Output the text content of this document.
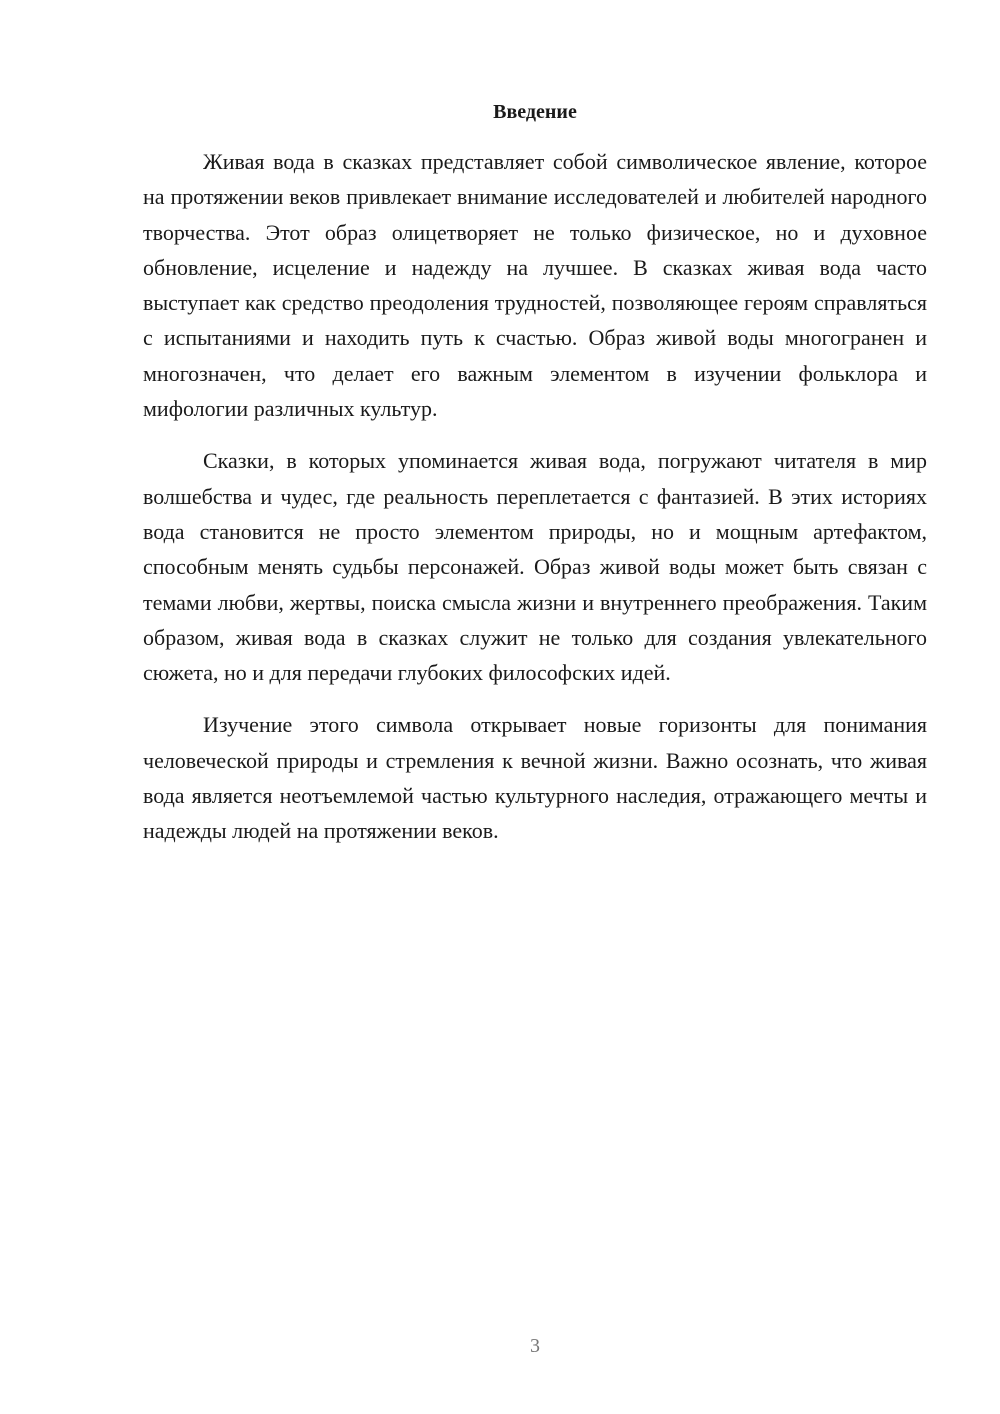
Введение

Живая вода в сказках представляет собой символическое явление, которое на протяжении веков привлекает внимание исследователей и любителей народного творчества. Этот образ олицетворяет не только физическое, но и духовное обновление, исцеление и надежду на лучшее. В сказках живая вода часто выступает как средство преодоления трудностей, позволяющее героям справляться с испытаниями и находить путь к счастью. Образ живой воды многогранен и многозначен, что делает его важным элементом в изучении фольклора и мифологии различных культур.

Сказки, в которых упоминается живая вода, погружают читателя в мир волшебства и чудес, где реальность переплетается с фантазией. В этих историях вода становится не просто элементом природы, но и мощным артефактом, способным менять судьбы персонажей. Образ живой воды может быть связан с темами любви, жертвы, поиска смысла жизни и внутреннего преображения. Таким образом, живая вода в сказках служит не только для создания увлекательного сюжета, но и для передачи глубоких философских идей.

Изучение этого символа открывает новые горизонты для понимания человеческой природы и стремления к вечной жизни. Важно осознать, что живая вода является неотъемлемой частью культурного наследия, отражающего мечты и надежды людей на протяжении веков.

3
